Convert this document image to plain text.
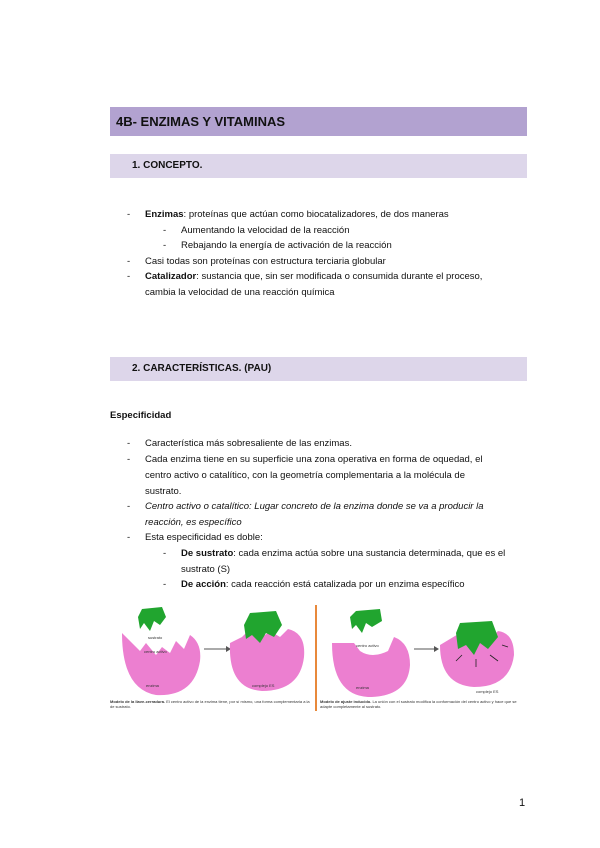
4B- ENZIMAS Y VITAMINAS
1. CONCEPTO.
- Enzimas: proteínas que actúan como biocatalizadores, de dos maneras
- Aumentando la velocidad de la reacción
- Rebajando la energía de activación de la reacción
- Casi todas son proteínas con estructura terciaria globular
- Catalizador: sustancia que, sin ser modificada o consumida durante el proceso,
cambia la velocidad de una reacción química
2. CARACTERÍSTICAS. (PAU)
Especificidad
- Característica más sobresaliente de las enzimas.
- Cada enzima tiene en su superficie una zona operativa en forma de oquedad, el
centro activo o catalítico, con la geometría complementaria a la molécula de
sustrato.
- Centro activo o catalítico: Lugar concreto de la enzima donde se va a producir la
reacción, es específico
- Esta especificidad es doble:
- De sustrato: cada enzima actúa sobre una sustancia determinada, que es el
sustrato (S)
- De acción: cada reacción está catalizada por un enzima específico
sustrato
centro activo
enzima	complejo ES
centro activo
enzima
complejo ES
Modelo de la llave-cerradura. El centro activo de la enzima tiene, por sí mismo, una forma complementaria a la de sustrato.
Modelo de ajuste inducido. La unión con el sustrato modifica la conformación del centro activo y hace que se adapte completamente al sustrato.
1
